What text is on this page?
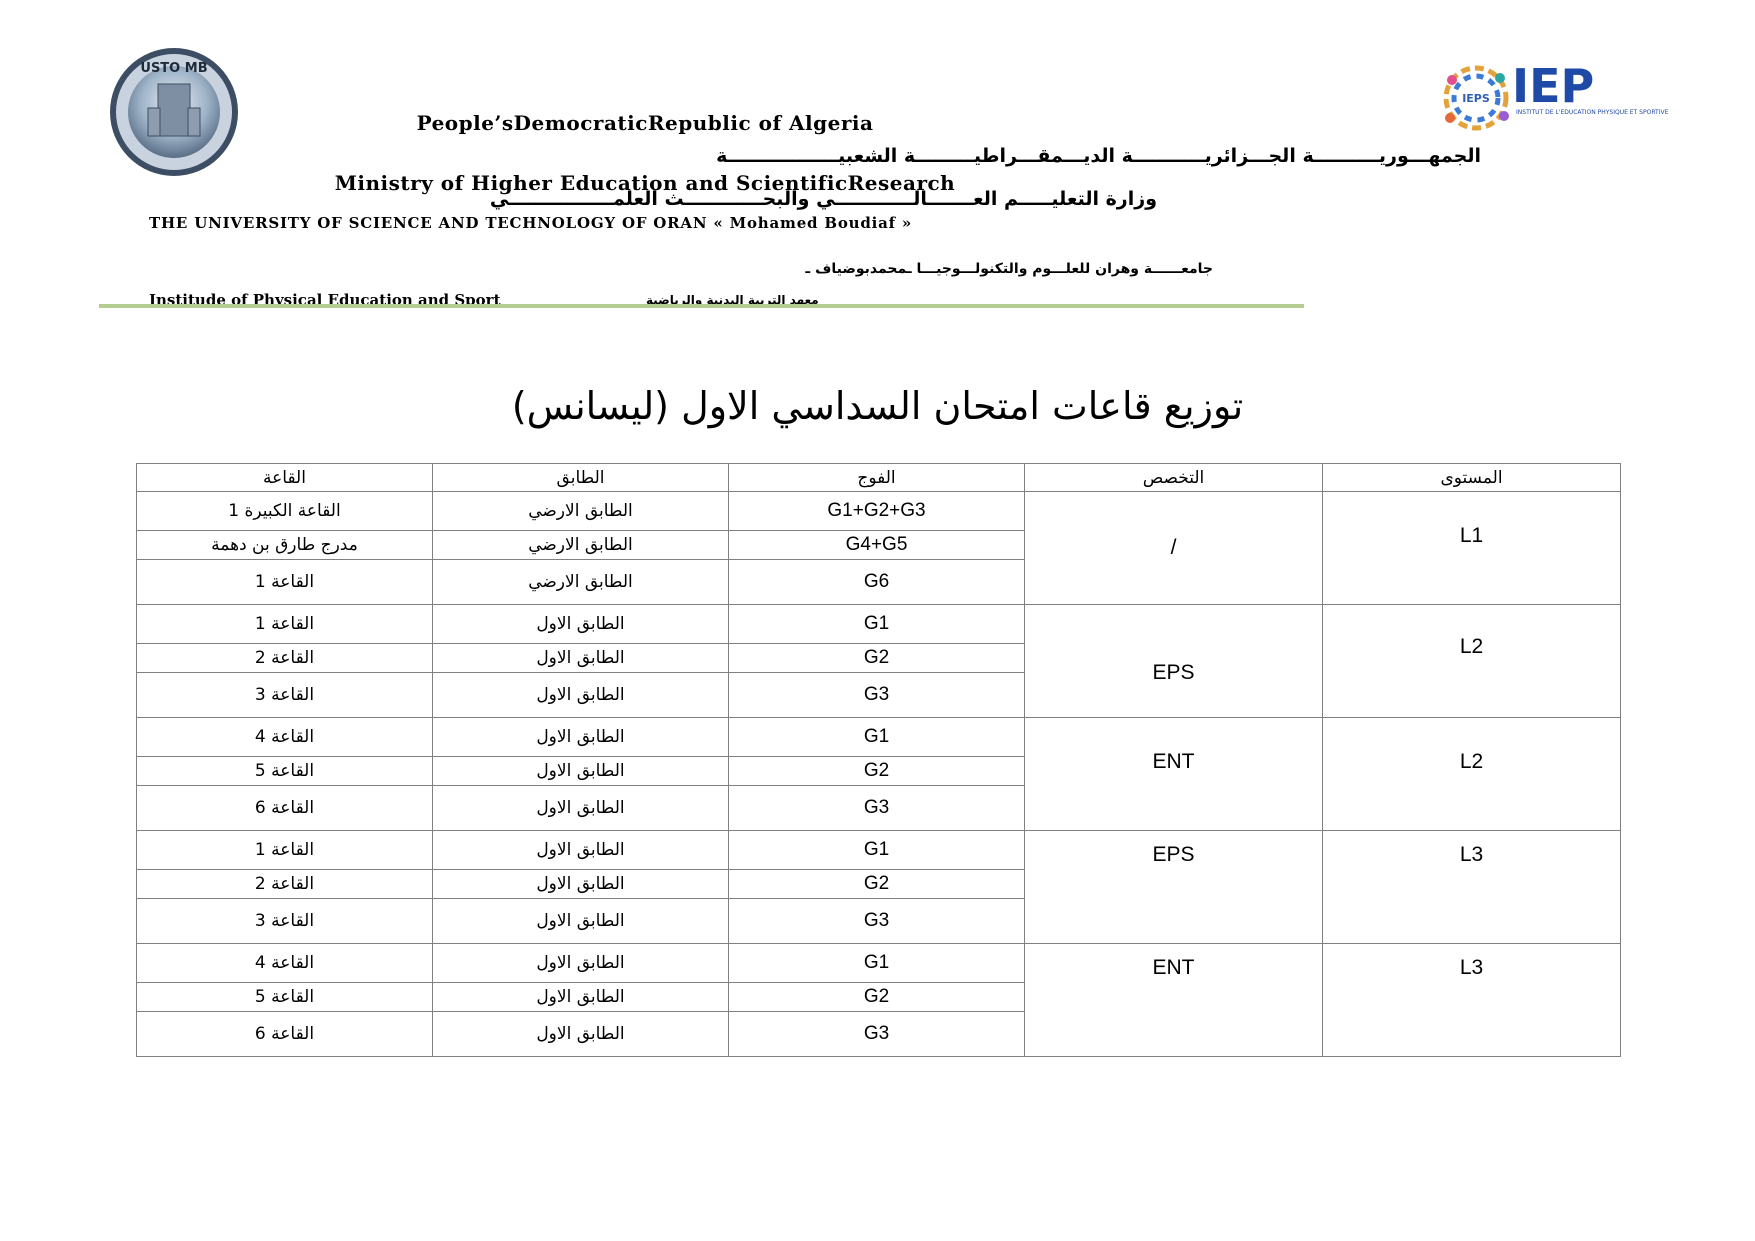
USTO MB
IEPS IEP
INSTITUT DE L'EDUCATION PHYSIQUE ET SPORTIVE
People’sDemocraticRepublic of Algeria
الجمهـــوريــــــــــة الجـــزائريـــــــــــة الديـــمقـــراطيـــــــــة الشعبيـــــــــــــــــة
Ministry of Higher Education and ScientificResearch
وزارة التعليـــــم العـــــــالــــــــــــي والبحــــــــــــث العلمــــــــــــــــي
THE UNIVERSITY OF SCIENCE AND TECHNOLOGY OF ORAN « Mohamed Boudiaf »
جامعــــــة وهران للعلـــوم والتكنولـــوجيـــا ـمحمدبوضياف ـ
Institude of Physical Education and Sport	معهد التربية البدنية والرياضية
توزيع قاعات امتحان السداسي الاول (ليسانس)
القاعة	الطابق	الفوج	التخصص	المستوى
القاعة الكبيرة 1	الطابق الارضي	G1+G2+G3	/	L1
مدرج طارق بن دهمة	الطابق الارضي	G4+G5		
القاعة 1	الطابق الارضي	G6		
القاعة 1	الطابق الاول	G1	EPS	L2
القاعة 2	الطابق الاول	G2		
القاعة 3	الطابق الاول	G3		
القاعة 4	الطابق الاول	G1	ENT	L2
القاعة 5	الطابق الاول	G2		
القاعة 6	الطابق الاول	G3		
القاعة 1	الطابق الاول	G1	EPS	L3
القاعة 2	الطابق الاول	G2		
القاعة 3	الطابق الاول	G3		
القاعة 4	الطابق الاول	G1	ENT	L3
القاعة 5	الطابق الاول	G2		
القاعة 6	الطابق الاول	G3		
